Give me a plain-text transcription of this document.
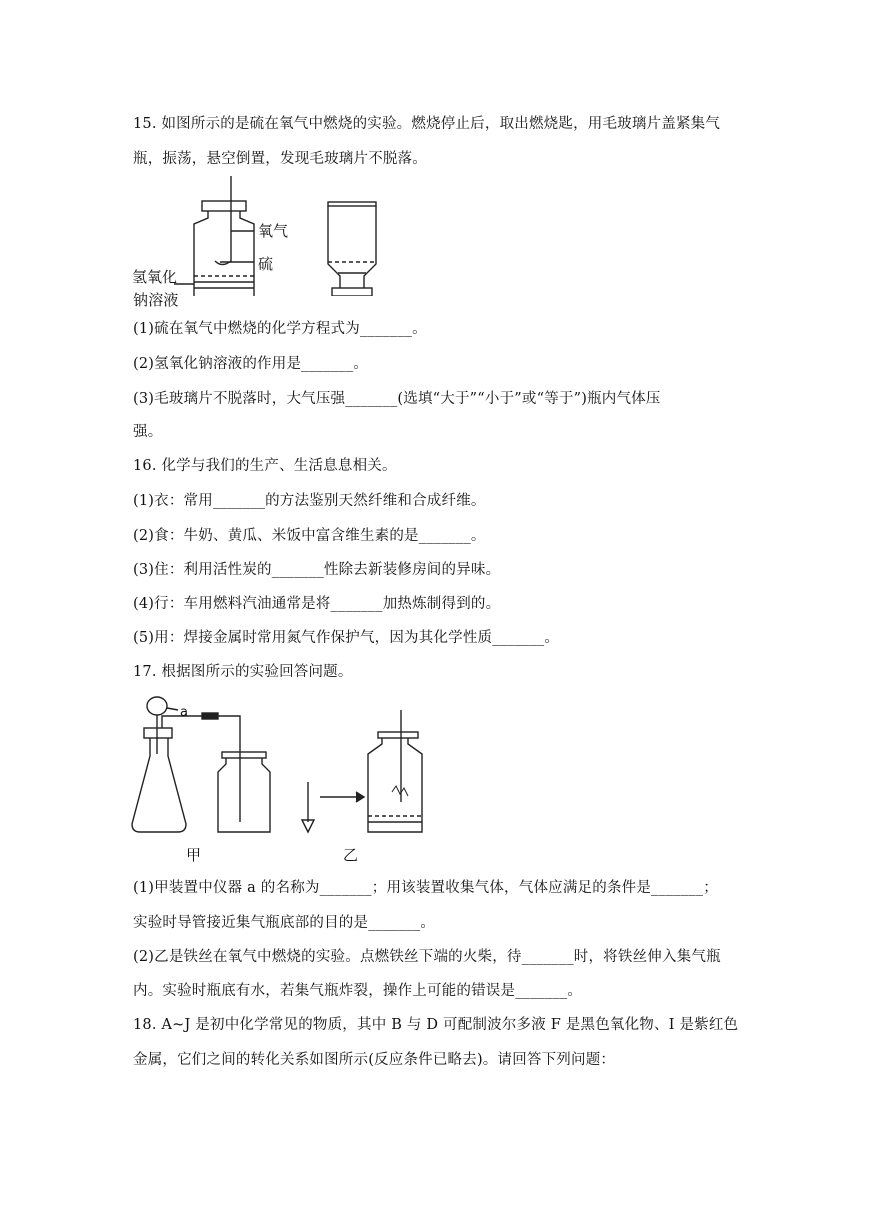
15. 如图所示的是硫在氧气中燃烧的实验。燃烧停止后，取出燃烧匙，用毛玻璃片盖紧集气
瓶，振荡，悬空倒置，发现毛玻璃片不脱落。
氧气
硫
氢氧化
钠溶液
(1)硫在氧气中燃烧的化学方程式为_______。
(2)氢氧化钠溶液的作用是_______。
(3)毛玻璃片不脱落时，大气压强_______(选填“大于”“小于”或“等于”)瓶内气体压
强。
16. 化学与我们的生产、生活息息相关。
(1)衣：常用_______的方法鉴别天然纤维和合成纤维。
(2)食：牛奶、黄瓜、米饭中富含维生素的是_______。
(3)住：利用活性炭的_______性除去新装修房间的异味。
(4)行：车用燃料汽油通常是将_______加热炼制得到的。
(5)用：焊接金属时常用氮气作保护气，因为其化学性质_______。
17. 根据图所示的实验回答问题。
a
甲	乙
(1)甲装置中仪器 a 的名称为_______；用该装置收集气体，气体应满足的条件是_______；
实验时导管接近集气瓶底部的目的是_______。
(2)乙是铁丝在氧气中燃烧的实验。点燃铁丝下端的火柴，待_______时，将铁丝伸入集气瓶
内。实验时瓶底有水，若集气瓶炸裂，操作上可能的错误是_______。
18. A~J 是初中化学常见的物质，其中 B 与 D 可配制波尔多液 F 是黑色氧化物、I 是紫红色
金属，它们之间的转化关系如图所示(反应条件已略去)。请回答下列问题：
